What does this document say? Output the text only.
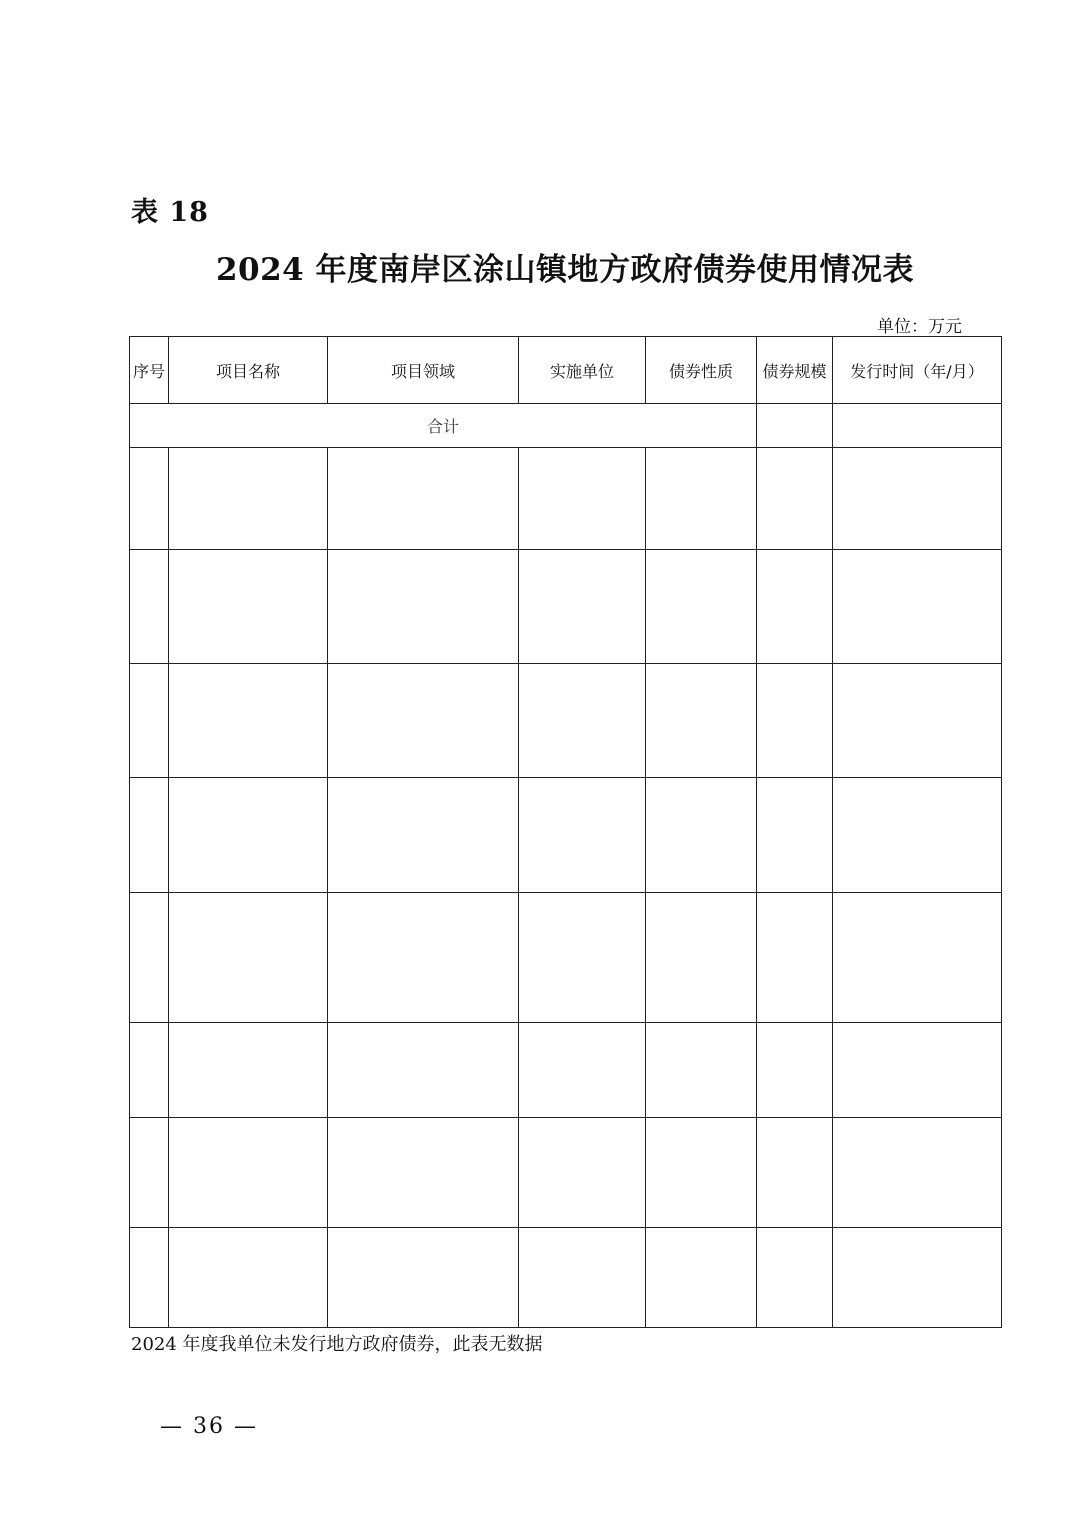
表 18
2024 年度南岸区涂山镇地方政府债券使用情况表
单位：万元
序号	项目名称	项目领域	实施单位	债券性质	债券规模	发行时间（年/月）
合计						

2024 年度我单位未发行地方政府债券，此表无数据
— 36 —
